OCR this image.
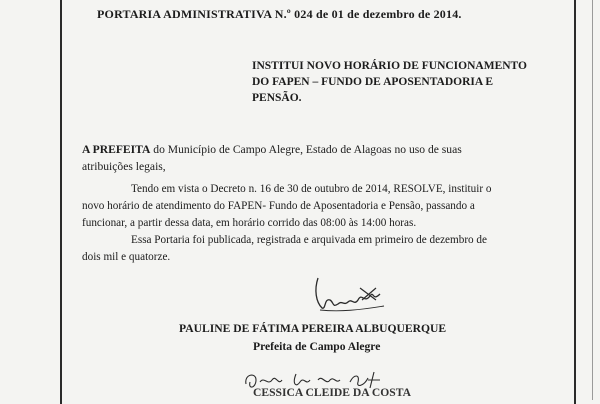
PORTARIA ADMINISTRATIVA N.º 024 de 01 de dezembro de 2014.
INSTITUI NOVO HORÁRIO DE FUNCIONAMENTO
DO FAPEN – FUNDO DE APOSENTADORIA E
PENSÃO.
A PREFEITA do Município de Campo Alegre, Estado de Alagoas no uso de suas
atribuições legais,
Tendo em vista o Decreto n. 16 de 30 de outubro de 2014, RESOLVE, instituir o
novo horário de atendimento do FAPEN- Fundo de Aposentadoria e Pensão, passando a
funcionar, a partir dessa data, em horário corrido das 08:00 às 14:00 horas.
Essa Portaria foi publicada, registrada e arquivada em primeiro de dezembro de
dois mil e quatorze.
PAULINE DE FÁTIMA PEREIRA ALBUQUERQUE
Prefeita de Campo Alegre
CESSICA CLEIDE DA COSTA
